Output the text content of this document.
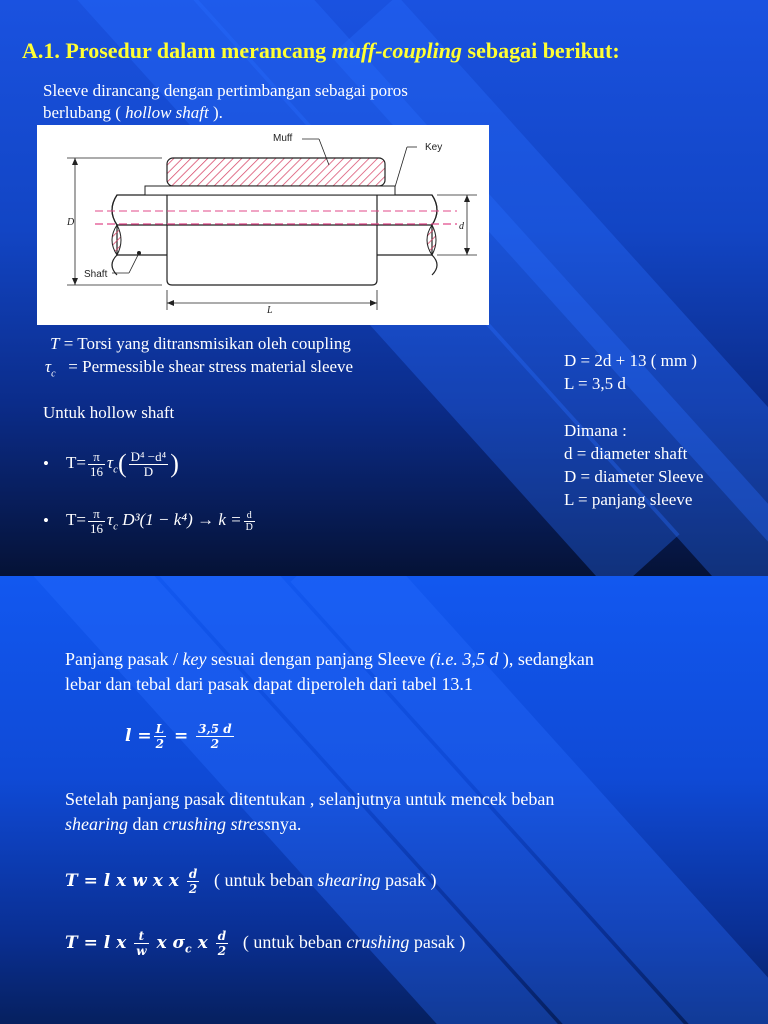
A.1. Prosedur dalam merancang muff-coupling sebagai berikut:
Sleeve dirancang dengan pertimbangan sebagai poros
berlubang ( hollow shaft ).
Muff
Key
Shaft
D	d
L
T = Torsi yang ditransmisikan oleh coupling
$\tau_c$ = Permessible shear stress material sleeve
Untuk hollow shaft
• $T= \frac{\pi}{16} \tau_c( \frac{\text{D⁴ −d⁴}}{D}$ )
• $T= \frac{\pi}{16} \tau_c$ $D^3(1 - k^4) \to k = \frac{d}{D}$
D = 2d + 13 ( mm )
L = 3,5 d
Dimana :
d = diameter shaft
D = diameter Sleeve
L = panjang sleeve
Panjang pasak / key sesuai dengan panjang Sleeve (i.e. 3,5 d ), sedangkan
lebar dan tebal dari pasak dapat diperoleh dari tabel 13.1
$l = \frac{L}{2} = \frac{3,5 d}{2}$
Setelah panjang pasak ditentukan , selanjutnya untuk mencek beban
shearing dan crushing stressnya.
T = l x w x x $\frac{d}{2}$ ( untuk beban shearing pasak )
T = l x $\frac{t}{w}$ x $\sigma_c$ x $\frac{d}{2}$ ( untuk beban crushing pasak )
